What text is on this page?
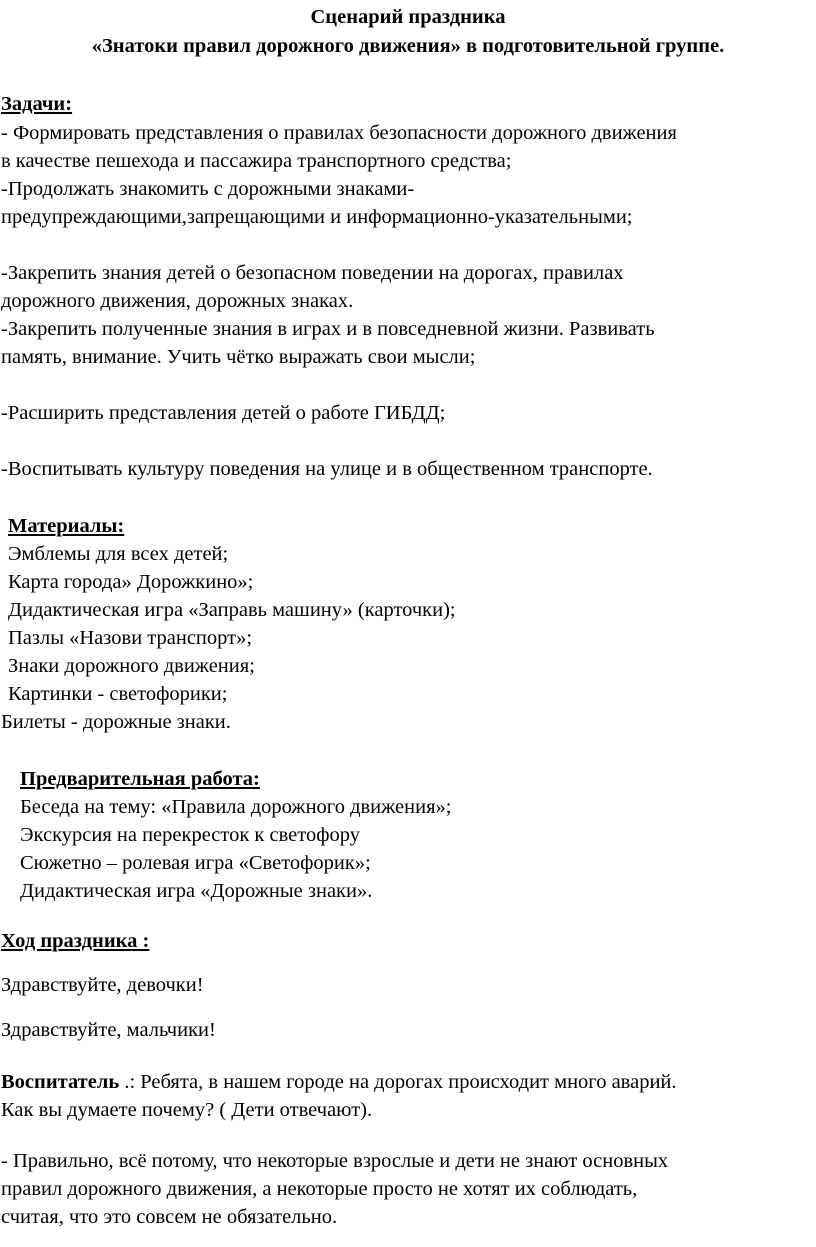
Сценарий праздника
«Знатоки правил дорожного движения» в подготовительной группе.
Задачи:
- Формировать представления о правилах безопасности дорожного движения
в качестве пешехода и пассажира транспортного средства;
-Продолжать знакомить с дорожными знаками-
предупреждающими,запрещающими и информационно-указательными;
-Закрепить знания детей о безопасном поведении на дорогах, правилах
дорожного движения, дорожных знаках.
-Закрепить полученные знания в играх и в повседневной жизни. Развивать
память, внимание. Учить чётко выражать свои мысли;
-Расширить представления детей о работе ГИБДД;
-Воспитывать культуру поведения на улице и в общественном транспорте.
Материалы:
Эмблемы для всех детей;
Карта города» Дорожкино»;
Дидактическая игра «Заправь машину» (карточки);
Пазлы «Назови транспорт»;
Знаки дорожного движения;
Картинки - светофорики;
Билеты - дорожные знаки.
Предварительная работа:
Беседа на тему: «Правила дорожного движения»;
Экскурсия на перекресток к светофору
Сюжетно – ролевая игра «Светофорик»;
Дидактическая игра «Дорожные знаки».
Ход праздника :
Здравствуйте, девочки!
Здравствуйте, мальчики!
Воспитатель .: Ребята, в нашем городе на дорогах происходит много аварий.
Как вы думаете почему? ( Дети отвечают).
- Правильно, всё потому, что некоторые взрослые и дети не знают основных
правил дорожного движения, а некоторые просто не хотят их соблюдать,
считая, что это совсем не обязательно.
